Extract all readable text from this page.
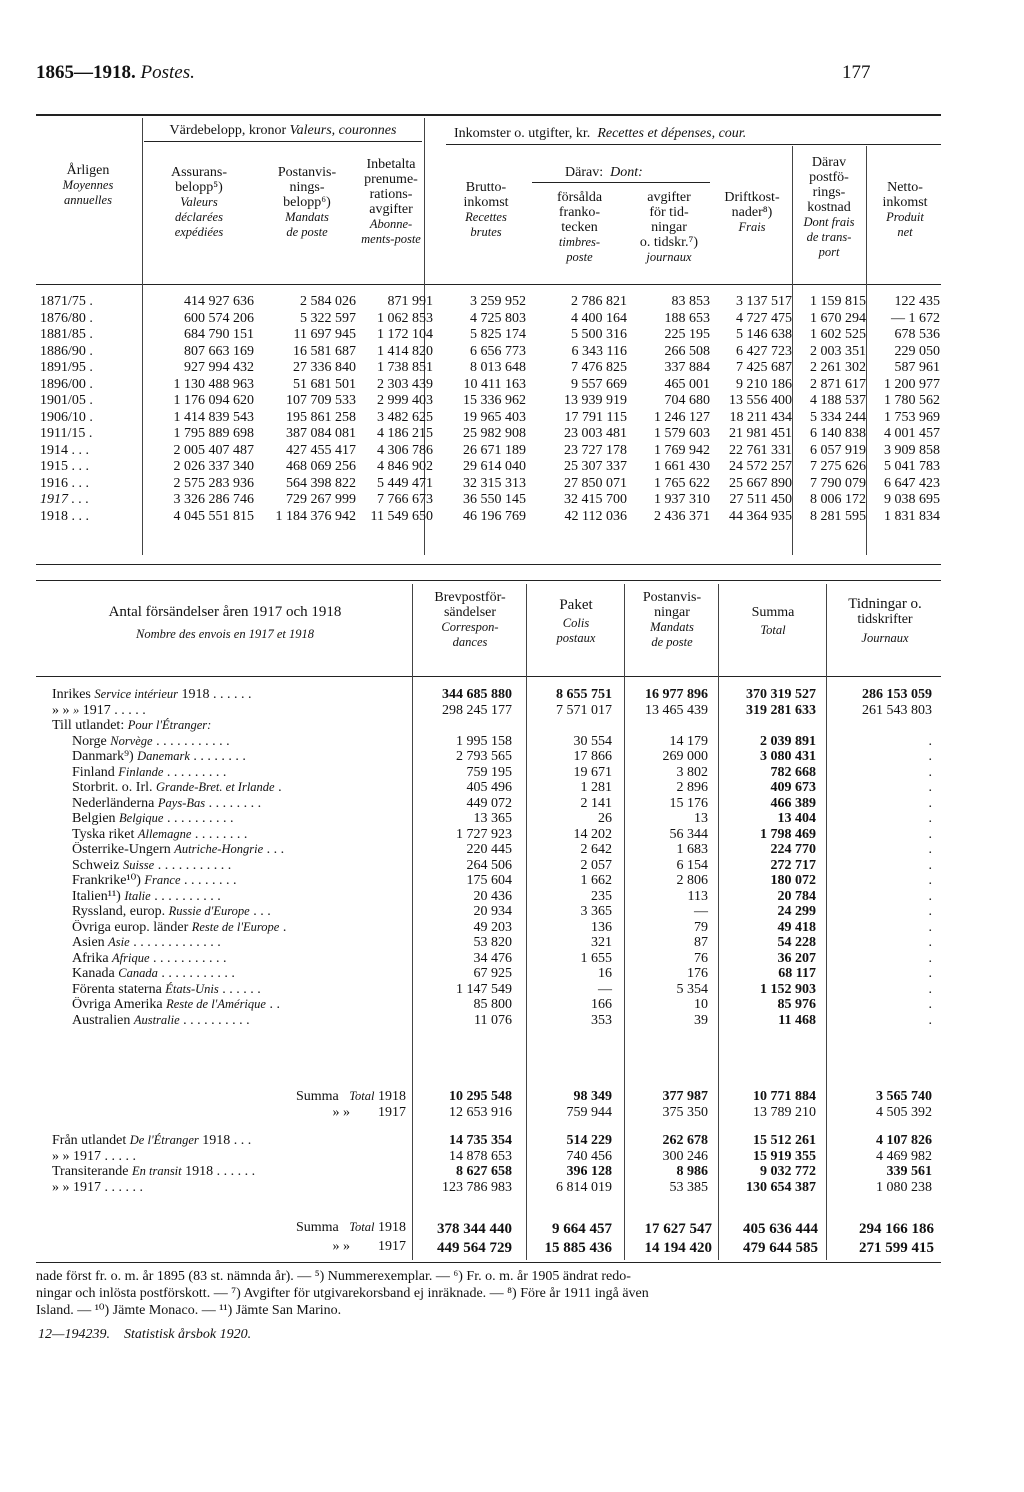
1865—1918. Postes.	177
Värdebelopp, kronor Valeurs, couronnes	Inkomster o. utgifter, kr. Recettes et dépenses, cour.
Årligen
Moyennes
annuelles
Assurans-
belopp⁵)
Valeurs
déclarées
expédiées
Postanvis-
nings-
belopp⁶)
Mandats
de poste
Inbetalta
prenume-
rations-
avgifter
Abonne-
ments-poste
Brutto-
inkomst
Recettes
brutes
Därav: Dont:
försålda
franko-
tecken
timbres-
poste
avgifter
för tid-
ningar
o. tidskr.⁷)
journaux
Driftkost-
nader⁸)
Frais
Därav
postfö-
rings-
kostnad
Dont frais
de trans-
port
Netto-
inkomst
Produit
net
1871/75 .
1876/80 .
1881/85 .
1886/90 .
1891/95 .
1896/00 .
1901/05 .
1906/10 .
1911/15 .
1914 . . .
1915 . . .
1916 . . .
1917 . . .
1918 . . .
414 927 636
600 574 206
684 790 151
807 663 169
927 994 432
1 130 488 963
1 176 094 620
1 414 839 543
1 795 889 698
2 005 407 487
2 026 337 340
2 575 283 936
3 326 286 746
4 045 551 815
2 584 026
5 322 597
11 697 945
16 581 687
27 336 840
51 681 501
107 709 533
195 861 258
387 084 081
427 455 417
468 069 256
564 398 822
729 267 999
1 184 376 942
871 991
1 062 853
1 172 104
1 414 820
1 738 851
2 303 439
2 999 403
3 482 625
4 186 215
4 306 786
4 846 902
5 449 471
7 766 673
11 549 650
3 259 952
4 725 803
5 825 174
6 656 773
8 013 648
10 411 163
15 336 962
19 965 403
25 982 908
26 671 189
29 614 040
32 315 313
36 550 145
46 196 769
2 786 821
4 400 164
5 500 316
6 343 116
7 476 825
9 557 669
13 939 919
17 791 115
23 003 481
23 727 178
25 307 337
27 850 071
32 415 700
42 112 036
83 853
188 653
225 195
266 508
337 884
465 001
704 680
1 246 127
1 579 603
1 769 942
1 661 430
1 765 622
1 937 310
2 436 371
3 137 517
4 727 475
5 146 638
6 427 723
7 425 687
9 210 186
13 556 400
18 211 434
21 981 451
22 761 331
24 572 257
25 667 890
27 511 450
44 364 935
1 159 815
1 670 294
1 602 525
2 003 351
2 261 302
2 871 617
4 188 537
5 334 244
6 140 838
6 057 919
7 275 626
7 790 079
8 006 172
8 281 595
122 435
— 1 672
678 536
229 050
587 961
1 200 977
1 780 562
1 753 969
4 001 457
3 909 858
5 041 783
6 647 423
9 038 695
1 831 834
Antal försändelser åren 1917 och 1918
Nombre des envois en 1917 et 1918
Brevpostför-
sändelser
Correspon-
dances
Paket
Colis
postaux
Postanvis-
ningar
Mandats
de poste
Summa
Total
Tidningar o.
tidskrifter
Journaux
Inrikes Service intérieur 1918 . . . . . .
» » » 1917 . . . . .
Till utlandet: Pour l'Étranger:
Norge Norvège . . . . . . . . . . .
Danmark⁹) Danemark . . . . . . . .
Finland Finlande . . . . . . . . .
Storbrit. o. Irl. Grande-Bret. et Irlande .
Nederländerna Pays-Bas . . . . . . . .
Belgien Belgique . . . . . . . . . .
Tyska riket Allemagne . . . . . . . .
Österrike-Ungern Autriche-Hongrie . . .
Schweiz Suisse . . . . . . . . . . .
Frankrike¹⁰) France . . . . . . . .
Italien¹¹) Italie . . . . . . . . . .
Ryssland, europ. Russie d'Europe . . .
Övriga europ. länder Reste de l'Europe .
Asien Asie . . . . . . . . . . . . .
Afrika Afrique . . . . . . . . . . .
Kanada Canada . . . . . . . . . . .
Förenta staterna États-Unis . . . . . .
Övriga Amerika Reste de l'Amérique . .
Australien Australie . . . . . . . . . .
344 685 880
298 245 177
1 995 158
2 793 565
759 195
405 496
449 072
13 365
1 727 923
220 445
264 506
175 604
20 436
20 934
49 203
53 820
34 476
67 925
1 147 549
85 800
11 076
8 655 751
7 571 017
30 554
17 866
19 671
1 281
2 141
26
14 202
2 642
2 057
1 662
235
3 365
136
321
1 655
16
—
166
353
16 977 896
13 465 439
14 179
269 000
3 802
2 896
15 176
13
56 344
1 683
6 154
2 806
113
—
79
87
76
176
5 354
10
39
370 319 527
319 281 633
2 039 891
3 080 431
782 668
409 673
466 389
13 404
1 798 469
224 770
272 717
180 072
20 784
24 299
49 418
54 228
36 207
68 117
1 152 903
85 976
11 468
286 153 059
261 543 803
.
.
.
.
.
.
.
.
.
.
.
.
.
.
.
.
.
.
.
Summa Total 1918
» » 1917
10 295 548
12 653 916
98 349
759 944
377 987
375 350
10 771 884
13 789 210
3 565 740
4 505 392
Från utlandet De l'Étranger 1918 . . .
» » 1917 . . . . .
Transiterande En transit 1918 . . . . . .
» » 1917 . . . . . .
14 735 354
14 878 653
8 627 658
123 786 983
514 229
740 456
396 128
6 814 019
262 678
300 246
8 986
53 385
15 512 261
15 919 355
9 032 772
130 654 387
4 107 826
4 469 982
339 561
1 080 238
Summa Total 1918
» » 1917
378 344 440
449 564 729
9 664 457
15 885 436
17 627 547
14 194 420
405 636 444
479 644 585
294 166 186
271 599 415
nade först fr. o. m. år 1895 (83 st. nämnda år). — ⁵) Nummerexemplar. — ⁶) Fr. o. m. år 1905 ändrat redo-
ningar och inlösta postförskott. — ⁷) Avgifter för utgivarekorsband ej inräknade. — ⁸) Före år 1911 ingå även
Island. — ¹⁰) Jämte Monaco. — ¹¹) Jämte San Marino.
12—194239. Statistisk årsbok 1920.
